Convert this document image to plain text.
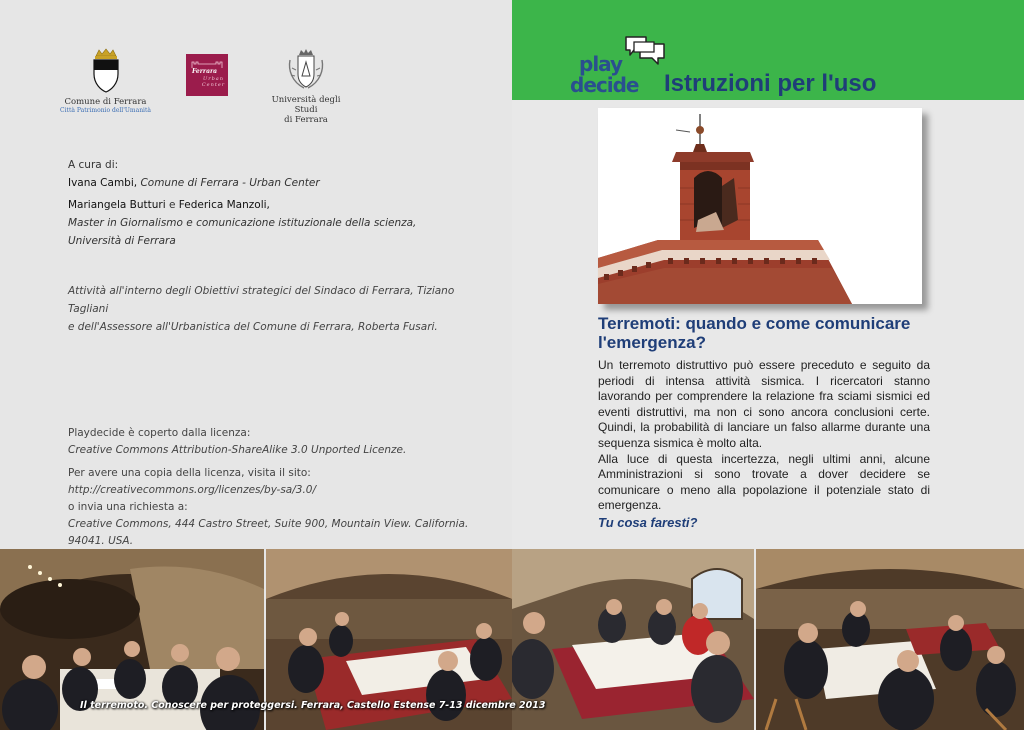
Comune di Ferrara
Città Patrimonio dell'Umanità
Ferrara
Urban Center
Università degli Studi
di Ferrara
A cura di:
Ivana Cambi, Comune di Ferrara - Urban Center
Mariangela Butturi e Federica Manzoli,
Master in Giornalismo e comunicazione istituzionale della scienza,
Università di Ferrara
Attività all'interno degli Obiettivi strategici del Sindaco di Ferrara, Tiziano Tagliani
e dell'Assessore all'Urbanistica del Comune di Ferrara, Roberta Fusari.
Playdecide è coperto dalla licenza:
Creative Commons Attribution-ShareAlike 3.0 Unported Licenze.
Per avere una copia della licenza, visita il sito:
http://creativecommons.org/licenzes/by-sa/3.0/
o invia una richiesta a:
Creative Commons, 444 Castro Street, Suite 900, Mountain View. California. 94041. USA.
play
decide Istruzioni per l'uso
Terremoti: quando e come comunicare l'emergenza?

Un terremoto distruttivo può essere preceduto e seguito da periodi di intensa attività sismica. I ricercatori stanno lavorando per comprendere la relazione fra sciami sismici ed eventi distruttivi, ma non ci sono ancora conclusioni certe. Quindi, la probabilità di lanciare un falso allarme durante una sequenza sismica è molto alta.

Alla luce di questa incertezza, negli ultimi anni, alcune Amministrazioni si sono trovate a dover decidere se comunicare o meno alla popolazione il potenziale stato di emergenza.

Tu cosa faresti?
Il terremoto. Conoscere per proteggersi. Ferrara, Castello Estense 7-13 dicembre 2013
